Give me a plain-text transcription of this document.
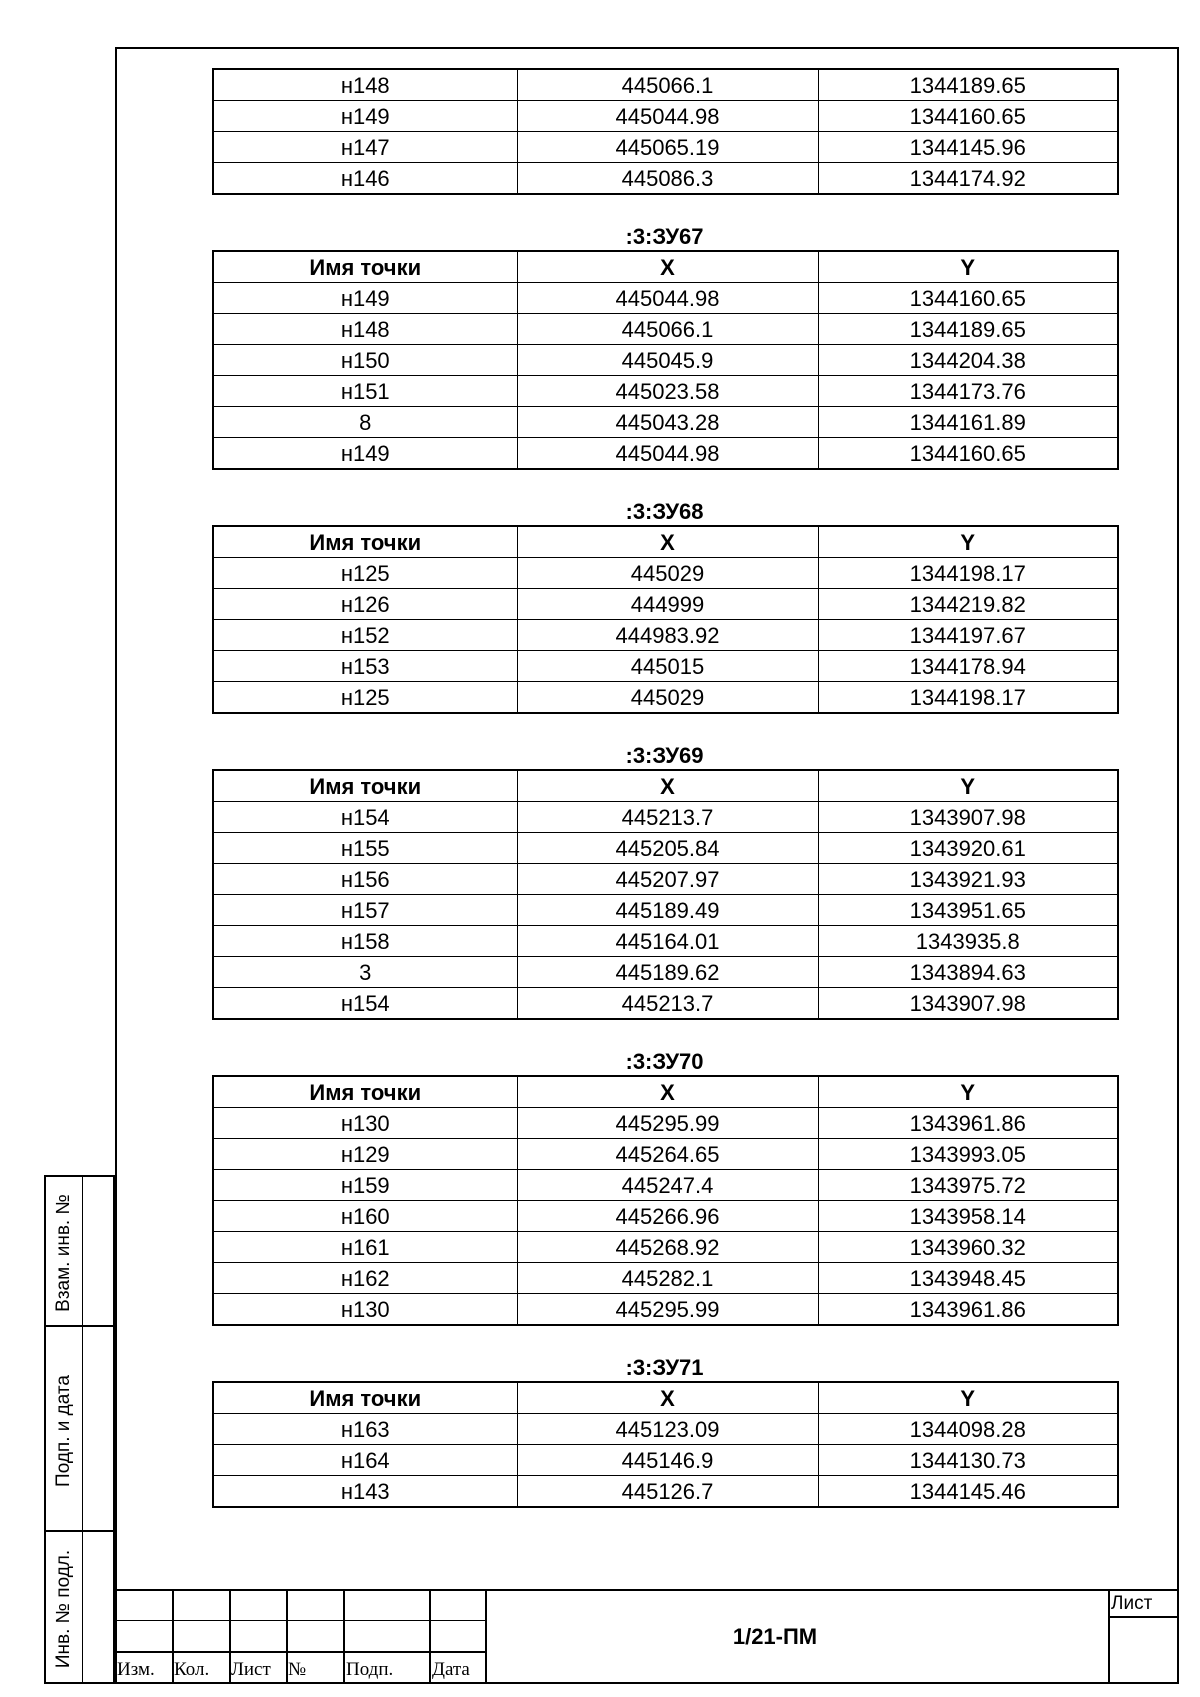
н148	445066.1	1344189.65
н149	445044.98	1344160.65
н147	445065.19	1344145.96
н146	445086.3	1344174.92
:3:ЗУ67
Имя точки	X	Y
н149	445044.98	1344160.65
н148	445066.1	1344189.65
н150	445045.9	1344204.38
н151	445023.58	1344173.76
8	445043.28	1344161.89
н149	445044.98	1344160.65
:3:ЗУ68
Имя точки	X	Y
н125	445029	1344198.17
н126	444999	1344219.82
н152	444983.92	1344197.67
н153	445015	1344178.94
н125	445029	1344198.17
:3:ЗУ69
Имя точки	X	Y
н154	445213.7	1343907.98
н155	445205.84	1343920.61
н156	445207.97	1343921.93
н157	445189.49	1343951.65
н158	445164.01	1343935.8
3	445189.62	1343894.63
н154	445213.7	1343907.98
:3:ЗУ70
Имя точки	X	Y
н130	445295.99	1343961.86
н129	445264.65	1343993.05
н159	445247.4	1343975.72
н160	445266.96	1343958.14
н161	445268.92	1343960.32
н162	445282.1	1343948.45
н130	445295.99	1343961.86
:3:ЗУ71
Имя точки	X	Y
н163	445123.09	1344098.28
н164	445146.9	1344130.73
н143	445126.7	1344145.46
Взам. инв. №
Подп. и дата
Инв. № подл.
Изм. Кол. Лист № Подп. Дата
1/21-ПМ
Лист
